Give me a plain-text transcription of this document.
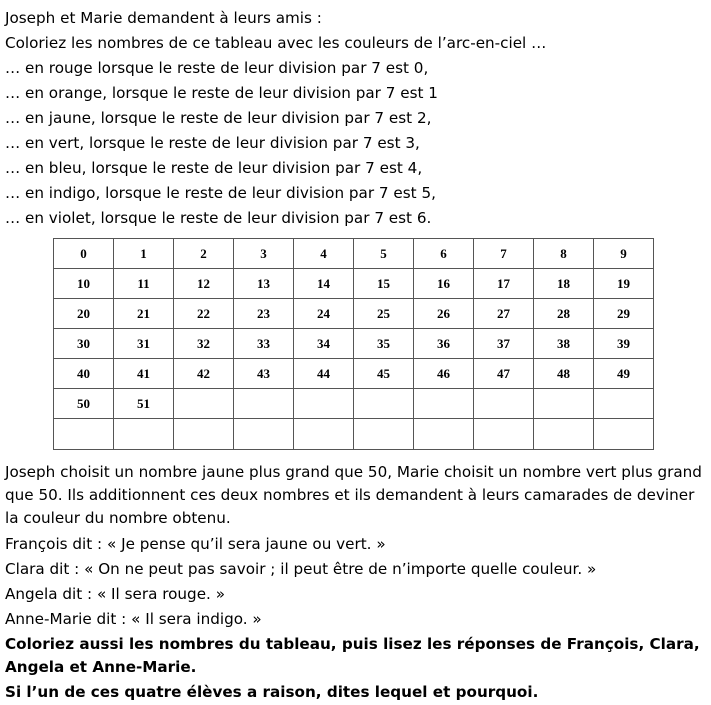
Joseph et Marie demandent à leurs amis :
Coloriez les nombres de ce tableau avec les couleurs de l’arc-en-ciel …
… en rouge lorsque le reste de leur division par 7 est 0,
… en orange, lorsque le reste de leur division par 7 est 1
… en jaune, lorsque le reste de leur division par 7 est 2,
… en vert, lorsque le reste de leur division par 7 est 3,
… en bleu, lorsque le reste de leur division par 7 est 4,
… en indigo, lorsque le reste de leur division par 7 est 5,
… en violet, lorsque le reste de leur division par 7 est 6.
0	1	2	3	4	5	6	7	8	9
10	11	12	13	14	15	16	17	18	19
20	21	22	23	24	25	26	27	28	29
30	31	32	33	34	35	36	37	38	39
40	41	42	43	44	45	46	47	48	49
50	51								

Joseph choisit un nombre jaune plus grand que 50, Marie choisit un nombre vert plus grand
que 50. Ils additionnent ces deux nombres et ils demandent à leurs camarades de deviner
la couleur du nombre obtenu.
François dit : « Je pense qu’il sera jaune ou vert. »
Clara dit : « On ne peut pas savoir ; il peut être de n’importe quelle couleur. »
Angela dit : « Il sera rouge. »
Anne-Marie dit : « Il sera indigo. »
Coloriez aussi les nombres du tableau, puis lisez les réponses de François, Clara,
Angela et Anne-Marie.
Si l’un de ces quatre élèves a raison, dites lequel et pourquoi.
